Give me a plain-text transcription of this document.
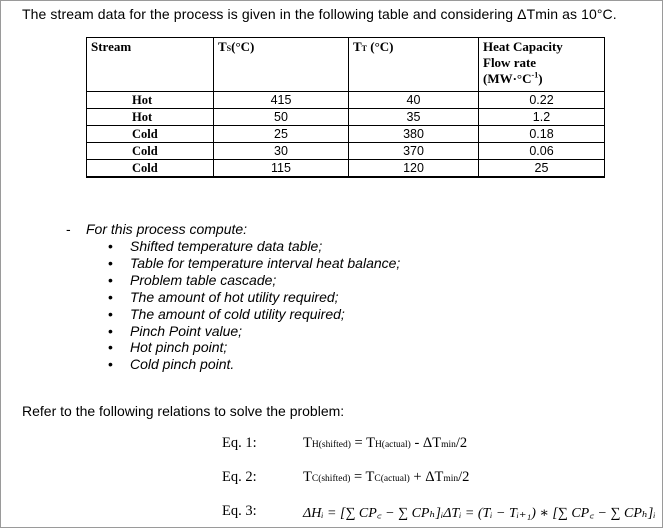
The stream data for the process is given in the following table and considering ΔTmin as 10°C.
Stream	TS(°C)	TT (°C)	Heat Capacity
Flow rate
$(MW\cdot^\circ C^{-1})$

Hot	415	40	0.22
Hot	50	35	1.2
Cold	25	380	0.18
Cold	30	370	0.06
Cold	115	120	25
- For this process compute:
• Shifted temperature data table;
• Table for temperature interval heat balance;
• Problem table cascade;
• The amount of hot utility required;
• The amount of cold utility required;
• Pinch Point value;
• Hot pinch point;
• Cold pinch point.
Refer to the following relations to solve the problem:
Eq. 1:	TH(shifted) = TH(actual) - ΔTmin/2
Eq. 2:	TC(shifted) = TC(actual) + ΔTmin/2
Eq. 3:	ΔHᵢ = [∑ CP꜀ − ∑ CPₕ]ᵢΔTᵢ = (Tᵢ − Tᵢ₊₁) ∗ [∑ CP꜀ − ∑ CPₕ]ᵢ
